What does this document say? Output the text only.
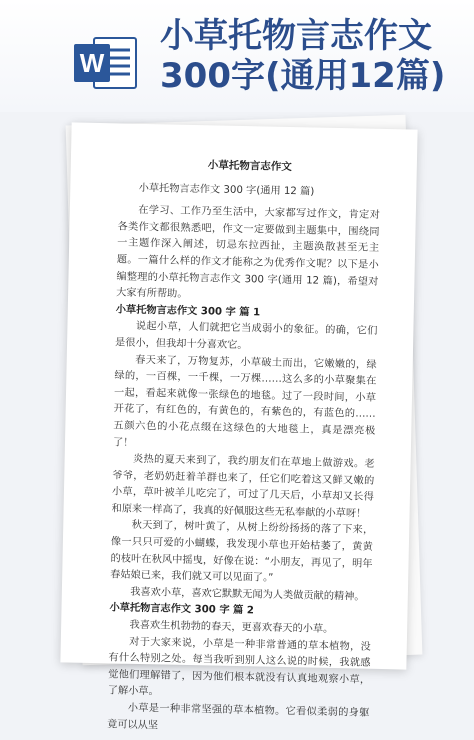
W
小草托物言志作文
300字(通用12篇)
小草托物言志作文

小草托物言志作文 300 字(通用 12 篇)

在学习、工作乃至生活中，大家都写过作文，肯定对各类作文都很熟悉吧，作文一定要做到主题集中，围绕同一主题作深入阐述，切忌东拉西扯，主题涣散甚至无主题。一篇什么样的作文才能称之为优秀作文呢？以下是小编整理的小草托物言志作文 300 字(通用 12 篇)，希望对大家有所帮助。

小草托物言志作文 300 字 篇 1

说起小草，人们就把它当成弱小的象征。的确，它们是很小，但我却十分喜欢它。

春天来了，万物复苏，小草破土而出，它嫩嫩的，绿绿的，一百棵，一千棵，一万棵……这么多的小草聚集在一起，看起来就像一张绿色的地毯。过了一段时间，小草开花了，有红色的，有黄色的，有紫色的，有蓝色的……五颜六色的小花点缀在这绿色的大地毯上，真是漂亮极了！

炎热的夏天来到了，我约朋友们在草地上做游戏。老爷爷，老奶奶赶着羊群也来了，任它们吃着这又鲜又嫩的小草，草叶被羊儿吃完了，可过了几天后，小草却又长得和原来一样高了，我真的好佩服这些无私奉献的小草呀！

秋天到了，树叶黄了，从树上纷纷扬扬的落了下来，像一只只可爱的小蝴蝶，我发现小草也开始枯萎了，黄黄的枝叶在秋风中摇曳，好像在说：“小朋友，再见了，明年春姑娘已来，我们就又可以见面了。”

我喜欢小草，喜欢它默默无闻为人类做贡献的精神。

小草托物言志作文 300 字 篇 2

我喜欢生机勃勃的春天，更喜欢春天的小草。

对于大家来说，小草是一种非常普通的草本植物，没有什么特别之处。每当我听到别人这么说的时候，我就感觉他们理解错了，因为他们根本就没有认真地观察小草，了解小草。

小草是一种非常坚强的草本植物。它看似柔弱的身躯竟可以从坚
